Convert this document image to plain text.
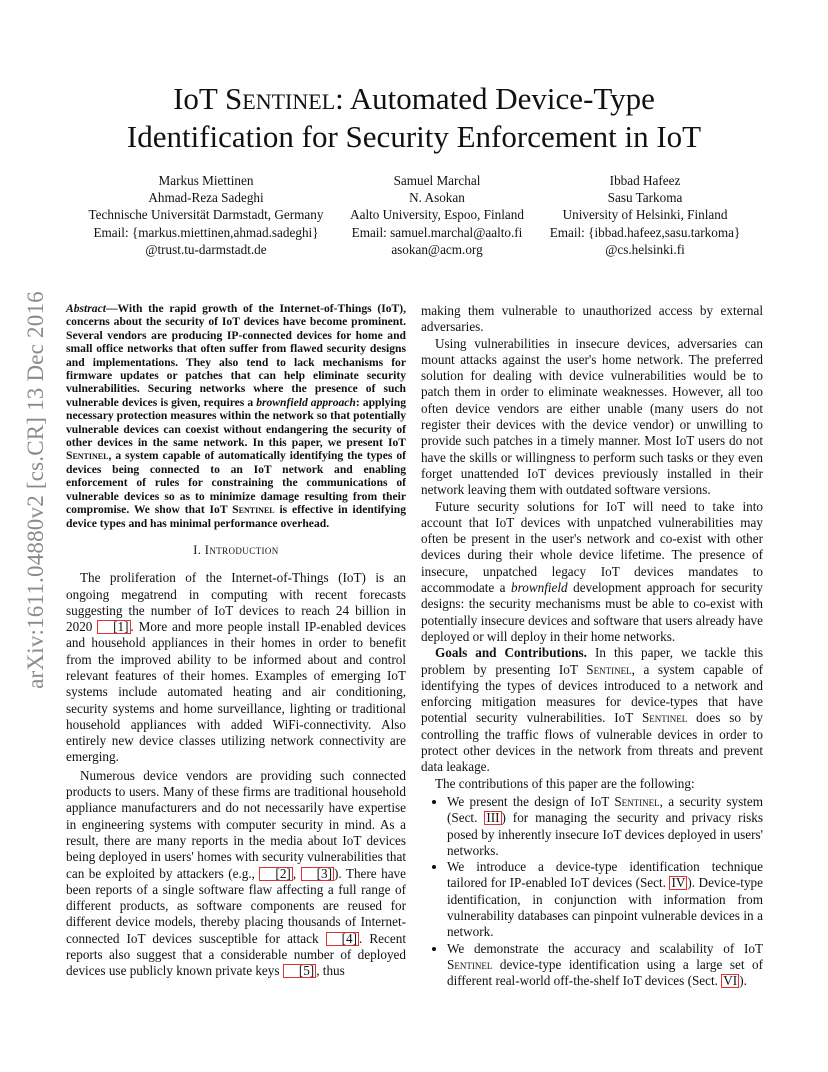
arXiv:1611.04880v2 [cs.CR] 13 Dec 2016
IoT Sentinel: Automated Device-Type
Identification for Security Enforcement in IoT
Markus Miettinen
Ahmad-Reza Sadeghi
Technische Universität Darmstadt, Germany
Email: {markus.miettinen,ahmad.sadeghi}
@trust.tu-darmstadt.de
Samuel Marchal
N. Asokan
Aalto University, Espoo, Finland
Email: samuel.marchal@aalto.fi
asokan@acm.org
Ibbad Hafeez
Sasu Tarkoma
University of Helsinki, Finland
Email: {ibbad.hafeez,sasu.tarkoma}
@cs.helsinki.fi
Abstract—With the rapid growth of the Internet-of-Things (IoT), concerns about the security of IoT devices have become prominent. Several vendors are producing IP-connected devices for home and small office networks that often suffer from flawed security designs and implementations. They also tend to lack mechanisms for firmware updates or patches that can help eliminate security vulnerabilities. Securing networks where the presence of such vulnerable devices is given, requires a brownfield approach: applying necessary protection measures within the network so that potentially vulnerable devices can coexist without endangering the security of other devices in the same network. In this paper, we present IoT Sentinel, a system capable of automatically identifying the types of devices being connected to an IoT network and enabling enforcement of rules for constraining the communications of vulnerable devices so as to minimize damage resulting from their compromise. We show that IoT Sentinel is effective in identifying device types and has minimal performance overhead.
I. Introduction

The proliferation of the Internet-of-Things (IoT) is an ongoing megatrend in computing with recent forecasts suggesting the number of IoT devices to reach 24 billion in 2020 [1] . More and more people install IP-enabled devices and household appliances in their homes in order to benefit from the improved ability to be informed about and control relevant features of their homes. Examples of emerging IoT systems include automated heating and air conditioning, security systems and home surveillance, lighting or traditional household appliances with added WiFi-connectivity. Also entirely new device classes utilizing network connectivity are emerging.

Numerous device vendors are providing such connected products to users. Many of these firms are traditional household appliance manufacturers and do not necessarily have expertise in engineering systems with computer security in mind. As a result, there are many reports in the media about IoT devices being deployed in users' homes with security vulnerabilities that can be exploited by attackers (e.g., [2] , [3] ). There have been reports of a single software flaw affecting a full range of different products, as software components are reused for different device models, thereby placing thousands of Internet-connected IoT devices susceptible for attack [4] . Recent reports also suggest that a considerable number of deployed devices use publicly known private keys [5] , thus

making them vulnerable to unauthorized access by external adversaries.

Using vulnerabilities in insecure devices, adversaries can mount attacks against the user's home network. The preferred solution for dealing with device vulnerabilities would be to patch them in order to eliminate weaknesses. However, all too often device vendors are either unable (many users do not register their devices with the device vendor) or unwilling to provide such patches in a timely manner. Most IoT users do not have the skills or willingness to perform such tasks or they even forget unattended IoT devices previously installed in their network leaving them with outdated software versions.

Future security solutions for IoT will need to take into account that IoT devices with unpatched vulnerabilities may often be present in the user's network and co-exist with other devices during their whole device lifetime. The presence of insecure, unpatched legacy IoT devices mandates to accommodate a brownfield development approach for security designs: the security mechanisms must be able to co-exist with potentially insecure devices and software that users already have deployed or will deploy in their home networks.

Goals and Contributions. In this paper, we tackle this problem by presenting IoT Sentinel, a system capable of identifying the types of devices introduced to a network and enforcing mitigation measures for device-types that have potential security vulnerabilities. IoT Sentinel does so by controlling the traffic flows of vulnerable devices in order to protect other devices in the network from threats and prevent data leakage.

The contributions of this paper are the following:

• We present the design of IoT Sentinel, a security system (Sect. III ) for managing the security and privacy risks posed by inherently insecure IoT devices deployed in users' networks.
• We introduce a device-type identification technique tailored for IP-enabled IoT devices (Sect. IV ). Device-type identification, in conjunction with information from vulnerability databases can pinpoint vulnerable devices in a network.
• We demonstrate the accuracy and scalability of IoT Sentinel device-type identification using a large set of different real-world off-the-shelf IoT devices (Sect. VI ).
